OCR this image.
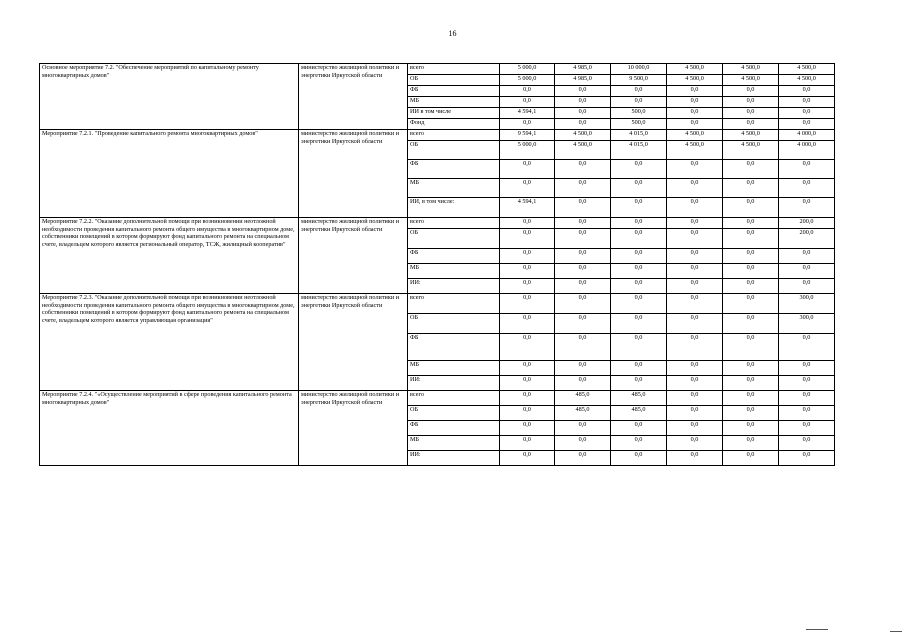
16
Основное мероприятие 7.2. "Обеспечение мероприятий по капитальному ремонту многоквартирных домов"	министерство жилищной политики и энергетики Иркутской области	всего	5 000,0	4 985,0	10 000,0	4 500,0	4 500,0	4 500,0
		ОБ	5 000,0	4 985,0	9 500,0	4 500,0	4 500,0	4 500,0
		ФБ	0,0	0,0	0,0	0,0	0,0	0,0
		МБ	0,0	0,0	0,0	0,0	0,0	0,0
		ИИ в том числе	4 594,1	0,0	500,0	0,0	0,0	0,0
		Фонд	0,0	0,0	500,0	0,0	0,0	0,0
Мероприятие 7.2.1. "Проведение капитального ремонта многоквартирных домов"	министерство жилищной политики и энергетики Иркутской области	всего	9 594,1	4 500,0	4 015,0	4 500,0	4 500,0	4 000,0
		ОБ	5 000,0	4 500,0	4 015,0	4 500,0	4 500,0	4 000,0
		ФБ	0,0	0,0	0,0	0,0	0,0	0,0
		МБ	0,0	0,0	0,0	0,0	0,0	0,0
		ИИ, в том числе:	4 594,1	0,0	0,0	0,0	0,0	0,0
Мероприятие 7.2.2. "Оказание дополнительной помощи при возникновении неотложной необходимости проведения капитального ремонта общего имущества в многоквартирном доме, собственники помещений в котором формируют фонд капитального ремонта на специальном счете, владельцем которого является региональный оператор, ТСЖ, жилищный кооператив"	министерство жилищной политики и энергетики Иркутской области	всего	0,0	0,0	0,0	0,0	0,0	200,0
		ОБ	0,0	0,0	0,0	0,0	0,0	200,0
		ФБ	0,0	0,0	0,0	0,0	0,0	0,0
		МБ	0,0	0,0	0,0	0,0	0,0	0,0
		ИИ:	0,0	0,0	0,0	0,0	0,0	0,0
Мероприятие 7.2.3. "Оказание дополнительной помощи при возникновении неотложной необходимости проведения капитального ремонта общего имущества в многоквартирном доме, собственники помещений в котором формируют фонд капитального ремонта на специальном счете, владельцем которого является управляющая организация"	министерство жилищной политики и энергетики Иркутской области	всего	0,0	0,0	0,0	0,0	0,0	300,0
		ОБ	0,0	0,0	0,0	0,0	0,0	300,0
		ФБ	0,0	0,0	0,0	0,0	0,0	0,0
		МБ	0,0	0,0	0,0	0,0	0,0	0,0
		ИИ:	0,0	0,0	0,0	0,0	0,0	0,0
Мероприятие 7.2.4. "«Осуществление мероприятий в сфере проведения капитального ремонта многоквартирных домов"	министерство жилищной политики и энергетики Иркутской области	всего	0,0	485,0	485,0	0,0	0,0	0,0
		ОБ	0,0	485,0	485,0	0,0	0,0	0,0
		ФБ	0,0	0,0	0,0	0,0	0,0	0,0
		МБ	0,0	0,0	0,0	0,0	0,0	0,0
		ИИ:	0,0	0,0	0,0	0,0	0,0	0,0
